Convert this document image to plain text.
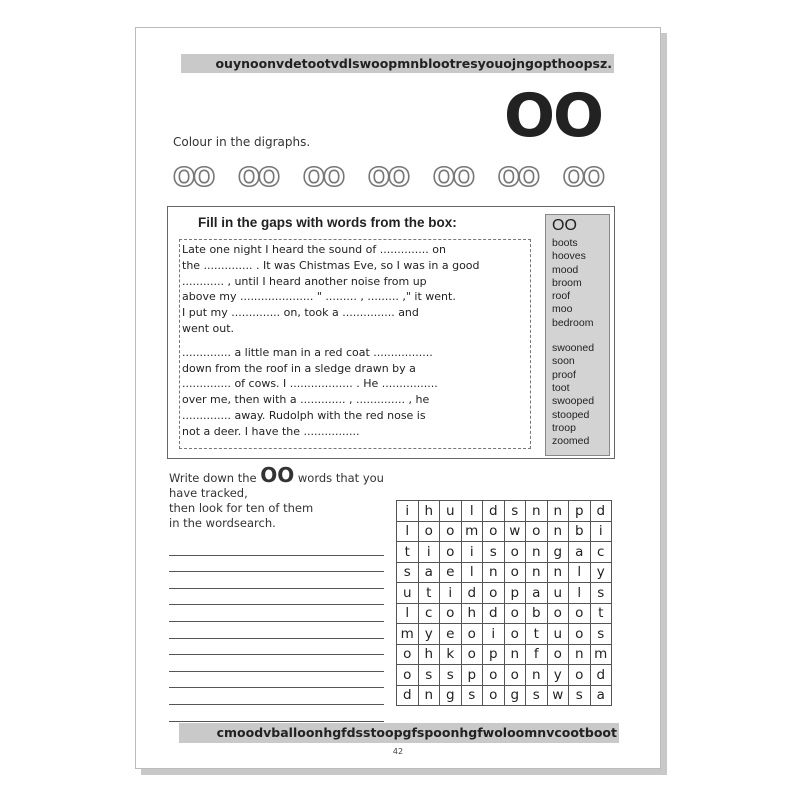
ouynoonvdetootvdlswoopmnblootresyouojngopthoopsz.
OO
Colour in the digraphs.
OO OO OO OO OO OO OO
Fill in the gaps with words from the box:
Late one night I heard the sound of .............. on
the .............. . It was Chistmas Eve, so I was in a good
............ , until I heard another noise from up
above my ..................... " ......... , ......... ," it went.
I put my .............. on, took a ............... and
went out.
.............. a little man in a red coat .................
down from the roof in a sledge drawn by a
.............. of cows. I .................. . He ................
over me, then with a ............. , .............. , he
.............. away. Rudolph with the red nose is
not a deer. I have the ................
OO
boots
hooves
mood
broom
roof
moo
bedroom
swooned
soon
proof
toot
swooped
stooped
troop
zoomed
Write down the OO words that you have tracked,
then look for ten of them
in the wordsearch.
i	h	u	l	d	s	n	n	p	d
l	o	o	m	o	w	o	n	b	i
t	i	o	i	s	o	n	g	a	c
s	a	e	l	n	o	n	n	l	y
u	t	i	d	o	p	a	u	l	s
l	c	o	h	d	o	b	o	o	t
m	y	e	o	i	o	t	u	o	s
o	h	k	o	p	n	f	o	n	m
o	s	s	p	o	o	n	y	o	d
d	n	g	s	o	g	s	w	s	a
cmoodvballoonhgfdsstoopgfspoonhgfwoloomnvcootboot
42
